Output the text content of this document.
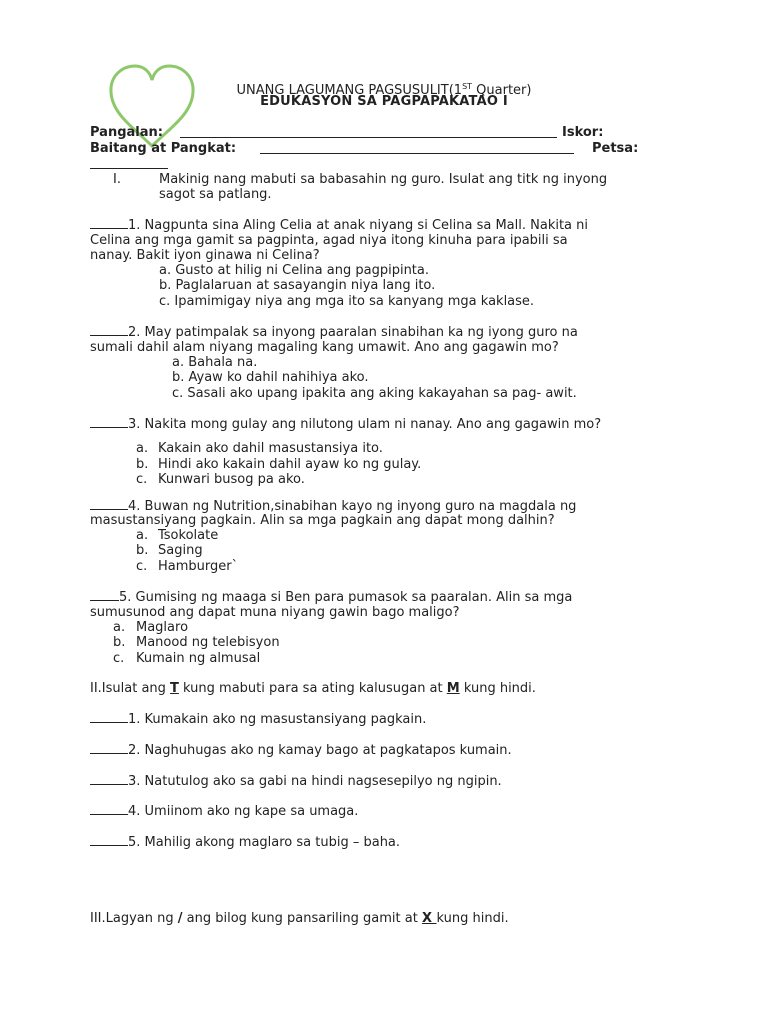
UNANG LAGUMANG PAGSUSULIT(1ST Quarter)
EDUKASYON SA PAGPAPAKATAO I
Pangalan:	Iskor:
Baitang at Pangkat:	Petsa:
I.	Makinig nang mabuti sa babasahin ng guro. Isulat ang titk ng inyong
sagot sa patlang.
1. Nagpunta sina Aling Celia at anak niyang si Celina sa Mall. Nakita ni
Celina ang mga gamit sa pagpinta, agad niya itong kinuha para ipabili sa
nanay. Bakit iyon ginawa ni Celina?
a. Gusto at hilig ni Celina ang pagpipinta.
b. Paglalaruan at sasayangin niya lang ito.
c. Ipamimigay niya ang mga ito sa kanyang mga kaklase.
2. May patimpalak sa inyong paaralan sinabihan ka ng iyong guro na
sumali dahil alam niyang magaling kang umawit. Ano ang gagawin mo?
a. Bahala na.
b. Ayaw ko dahil nahihiya ako.
c. Sasali ako upang ipakita ang aking kakayahan sa pag- awit.
3. Nakita mong gulay ang nilutong ulam ni nanay. Ano ang gagawin mo?
a. Kakain ako dahil masustansiya ito.
b. Hindi ako kakain dahil ayaw ko ng gulay.
c. Kunwari busog pa ako.
4. Buwan ng Nutrition,sinabihan kayo ng inyong guro na magdala ng
masustansiyang pagkain. Alin sa mga pagkain ang dapat mong dalhin?
a. Tsokolate
b. Saging
c. Hamburger`
5. Gumising ng maaga si Ben para pumasok sa paaralan. Alin sa mga
sumusunod ang dapat muna niyang gawin bago maligo?
a. Maglaro
b. Manood ng telebisyon
c. Kumain ng almusal
II.Isulat ang T kung mabuti para sa ating kalusugan at M kung hindi.
1. Kumakain ako ng masustansiyang pagkain.
2. Naghuhugas ako ng kamay bago at pagkatapos kumain.
3. Natutulog ako sa gabi na hindi nagsesepilyo ng ngipin.
4. Umiinom ako ng kape sa umaga.
5. Mahilig akong maglaro sa tubig – baha.
III.Lagyan ng / ang bilog kung pansariling gamit at X kung hindi.
